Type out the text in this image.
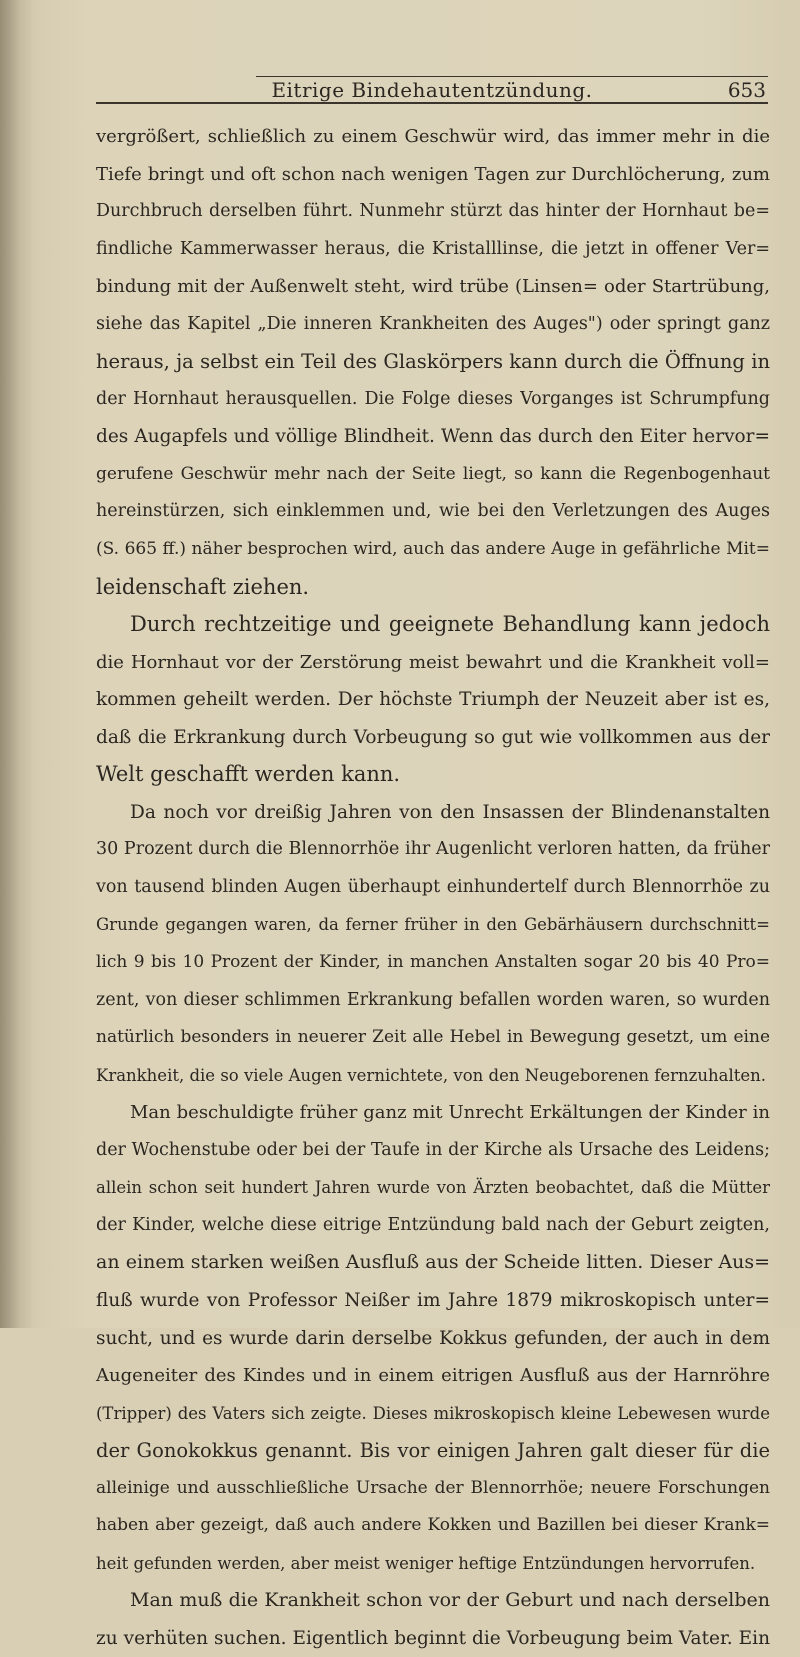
Eitrige Bindehautentzündung.	653
vergrößert, schließlich zu einem Geschwür wird, das immer mehr in die
Tiefe bringt und oft schon nach wenigen Tagen zur Durchlöcherung, zum
Durchbruch derselben führt. Nunmehr stürzt das hinter der Hornhaut be=
findliche Kammerwasser heraus, die Kristalllinse, die jetzt in offener Ver=
bindung mit der Außenwelt steht, wird trübe (Linsen= oder Startrübung,
siehe das Kapitel „Die inneren Krankheiten des Auges") oder springt ganz
heraus, ja selbst ein Teil des Glaskörpers kann durch die Öffnung in
der Hornhaut herausquellen. Die Folge dieses Vorganges ist Schrumpfung
des Augapfels und völlige Blindheit. Wenn das durch den Eiter hervor=
gerufene Geschwür mehr nach der Seite liegt, so kann die Regenbogenhaut
hereinstürzen, sich einklemmen und, wie bei den Verletzungen des Auges
(S. 665 ff.) näher besprochen wird, auch das andere Auge in gefährliche Mit=
leidenschaft ziehen.
Durch rechtzeitige und geeignete Behandlung kann jedoch
die Hornhaut vor der Zerstörung meist bewahrt und die Krankheit voll=
kommen geheilt werden. Der höchste Triumph der Neuzeit aber ist es,
daß die Erkrankung durch Vorbeugung so gut wie vollkommen aus der
Welt geschafft werden kann.
Da noch vor dreißig Jahren von den Insassen der Blindenanstalten
30 Prozent durch die Blennorrhöe ihr Augenlicht verloren hatten, da früher
von tausend blinden Augen überhaupt einhundertelf durch Blennorrhöe zu
Grunde gegangen waren, da ferner früher in den Gebärhäusern durchschnitt=
lich 9 bis 10 Prozent der Kinder, in manchen Anstalten sogar 20 bis 40 Pro=
zent, von dieser schlimmen Erkrankung befallen worden waren, so wurden
natürlich besonders in neuerer Zeit alle Hebel in Bewegung gesetzt, um eine
Krankheit, die so viele Augen vernichtete, von den Neugeborenen fernzuhalten.
Man beschuldigte früher ganz mit Unrecht Erkältungen der Kinder in
der Wochenstube oder bei der Taufe in der Kirche als Ursache des Leidens;
allein schon seit hundert Jahren wurde von Ärzten beobachtet, daß die Mütter
der Kinder, welche diese eitrige Entzündung bald nach der Geburt zeigten,
an einem starken weißen Ausfluß aus der Scheide litten. Dieser Aus=
fluß wurde von Professor Neißer im Jahre 1879 mikroskopisch unter=
sucht, und es wurde darin derselbe Kokkus gefunden, der auch in dem
Augeneiter des Kindes und in einem eitrigen Ausfluß aus der Harnröhre
(Tripper) des Vaters sich zeigte. Dieses mikroskopisch kleine Lebewesen wurde
der Gonokokkus genannt. Bis vor einigen Jahren galt dieser für die
alleinige und ausschließliche Ursache der Blennorrhöe; neuere Forschungen
haben aber gezeigt, daß auch andere Kokken und Bazillen bei dieser Krank=
heit gefunden werden, aber meist weniger heftige Entzündungen hervorrufen.
Man muß die Krankheit schon vor der Geburt und nach derselben
zu verhüten suchen. Eigentlich beginnt die Vorbeugung beim Vater. Ein
